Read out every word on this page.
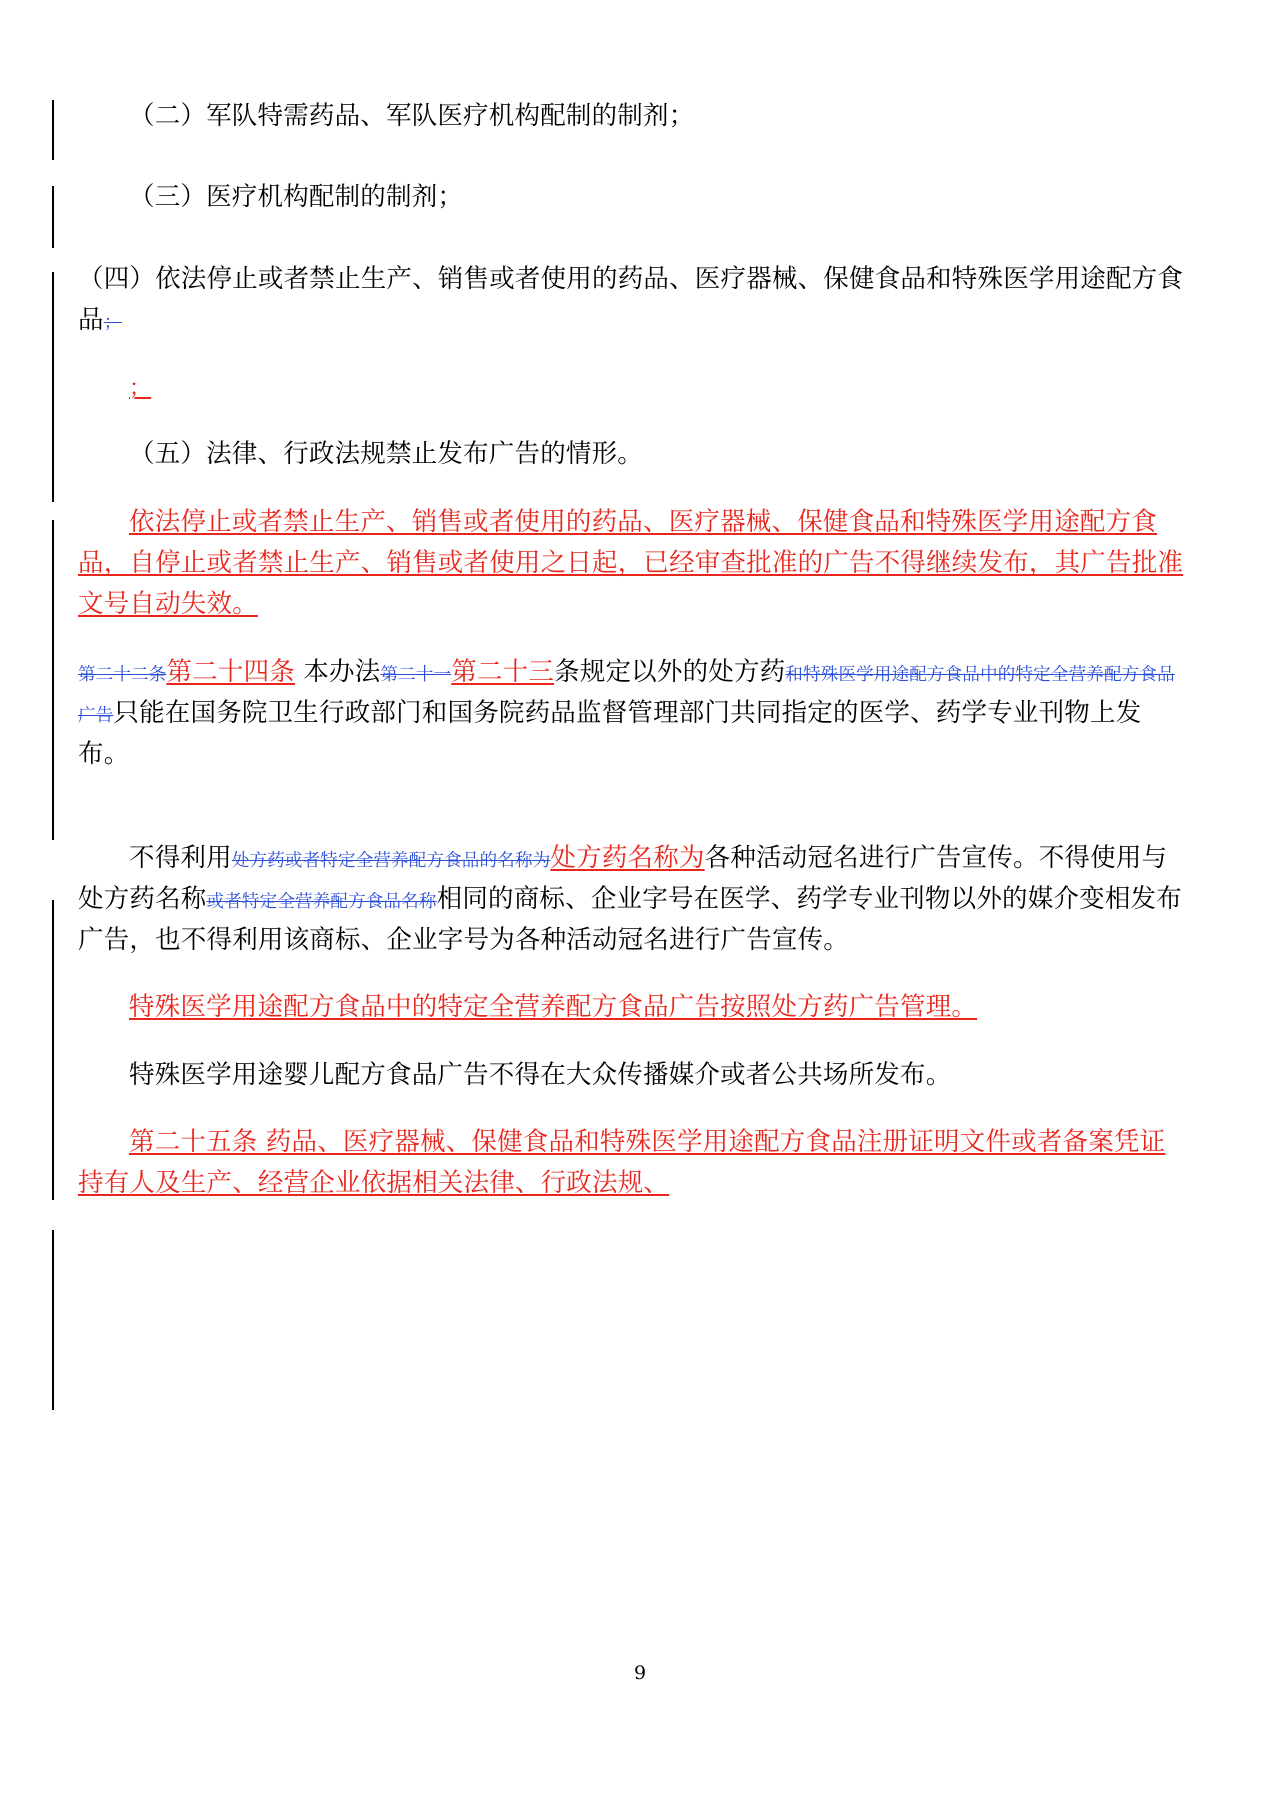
（二）军队特需药品、军队医疗机构配制的制剂；

（三）医疗机构配制的制剂；

（四）依法停止或者禁止生产、销售或者使用的药品、医疗器械、保健食品和特殊医学用途配方食品；

；

（五）法律、行政法规禁止发布广告的情形。

依法停止或者禁止生产、销售或者使用的药品、医疗器械、保健食品和特殊医学用途配方食品，自停止或者禁止生产、销售或者使用之日起，已经审查批准的广告不得继续发布，其广告批准文号自动失效。

第二十二条第二十四条 本办法第二十一第二十三条规定以外的处方药和特殊医学用途配方食品中的特定全营养配方食品广告只能在国务院卫生行政部门和国务院药品监督管理部门共同指定的医学、药学专业刊物上发布。

不得利用处方药或者特定全营养配方食品的名称为处方药名称为各种活动冠名进行广告宣传。不得使用与处方药名称或者特定全营养配方食品名称相同的商标、企业字号在医学、药学专业刊物以外的媒介变相发布广告，也不得利用该商标、企业字号为各种活动冠名进行广告宣传。

特殊医学用途配方食品中的特定全营养配方食品广告按照处方药广告管理。

特殊医学用途婴儿配方食品广告不得在大众传播媒介或者公共场所发布。

第二十五条 药品、医疗器械、保健食品和特殊医学用途配方食品注册证明文件或者备案凭证持有人及生产、经营企业依据相关法律、行政法规、

9
